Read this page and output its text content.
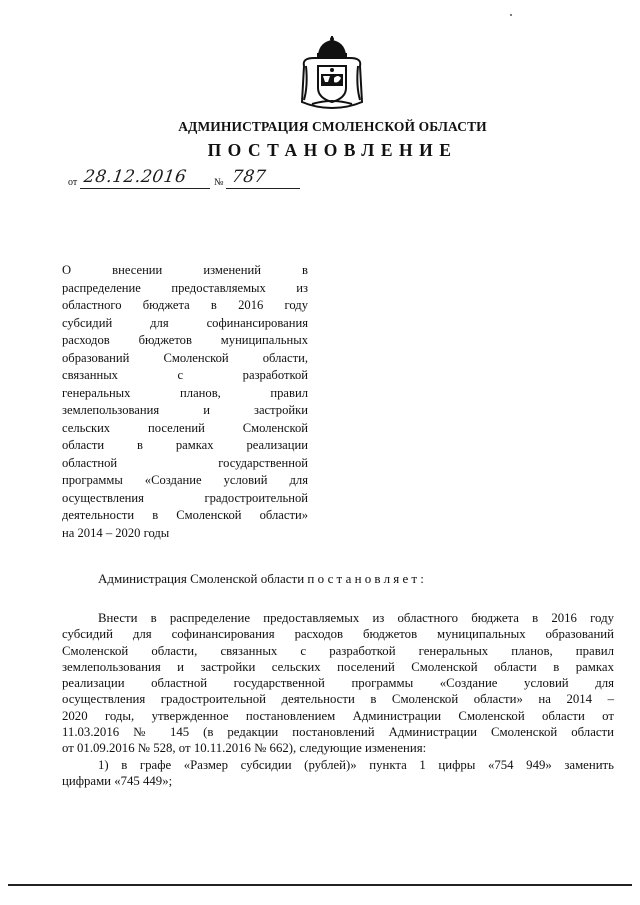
АДМИНИСТРАЦИЯ СМОЛЕНСКОЙ ОБЛАСТИ
ПОСТАНОВЛЕНИЕ
от 28.12.2016	№ 787
О внесении изменений в
распределение предоставляемых из
областного бюджета в 2016 году
субсидий для софинансирования
расходов бюджетов муниципальных
образований Смоленской области,
связанных с разработкой
генеральных планов, правил
землепользования и застройки
сельских поселений Смоленской
области в рамках реализации
областной государственной
программы «Создание условий для
осуществления градостроительной
деятельности в Смоленской области»
на 2014 – 2020 годы
Администрация Смоленской области постановляет:
Внести в распределение предоставляемых из областного бюджета в 2016 году
субсидий для софинансирования расходов бюджетов муниципальных образований
Смоленской области, связанных с разработкой генеральных планов, правил
землепользования и застройки сельских поселений Смоленской области в рамках
реализации областной государственной программы «Создание условий для
осуществления градостроительной деятельности в Смоленской области» на 2014 –
2020 годы, утвержденное постановлением Администрации Смоленской области от
11.03.2016 № 145 (в редакции постановлений Администрации Смоленской области
от 01.09.2016 № 528, от 10.11.2016 № 662), следующие изменения:
1) в графе «Размер субсидии (рублей)» пункта 1 цифры «754 949» заменить
цифрами «745 449»;
